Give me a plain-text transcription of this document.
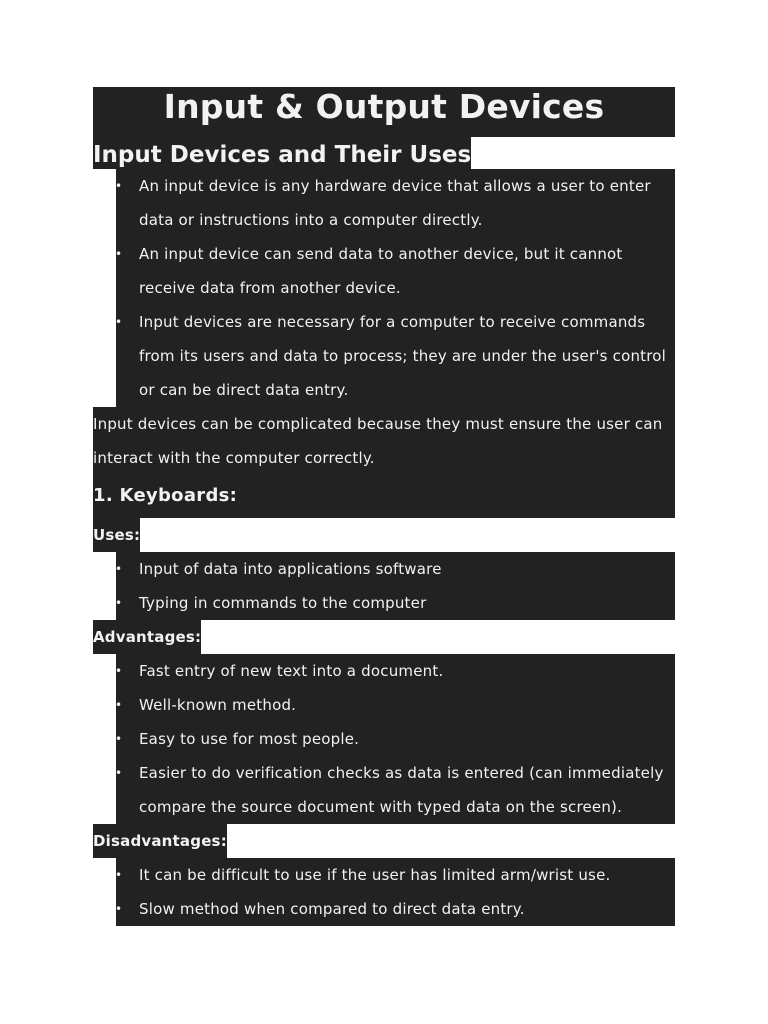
Input & Output Devices
Input Devices and Their Uses
• An input device is any hardware device that allows a user to enter data or instructions into a computer directly.
• An input device can send data to another device, but it cannot receive data from another device.
• Input devices are necessary for a computer to receive commands from its users and data to process; they are under the user's control or can be direct data entry.

Input devices can be complicated because they must ensure the user can interact with the computer correctly.

1. Keyboards:
Uses:
• Input of data into applications software
• Typing in commands to the computer
Advantages:
• Fast entry of new text into a document.
• Well-known method.
• Easy to use for most people.
• Easier to do verification checks as data is entered (can immediately compare the source document with typed data on the screen).
Disadvantages:
• It can be difficult to use if the user has limited arm/wrist use.
• Slow method when compared to direct data entry.
